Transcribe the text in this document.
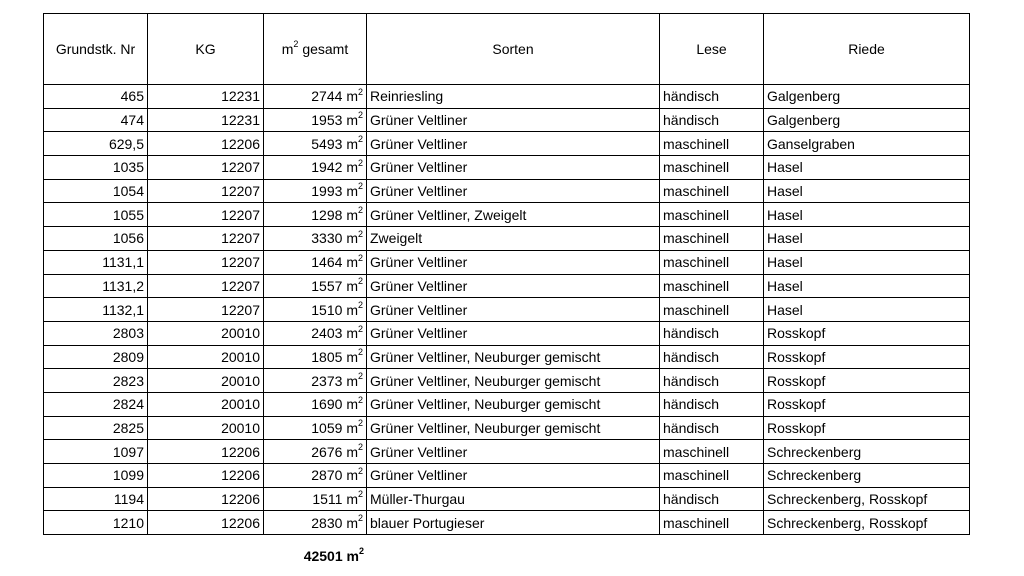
Grundstk. Nr	KG	$m^2$ gesamt	Sorten	Lese	Riede
465	12231	2744 $m^2$	Reinriesling	händisch	Galgenberg
474	12231	1953 $m^2$	Grüner Veltliner	händisch	Galgenberg
629,5	12206	5493 $m^2$	Grüner Veltliner	maschinell	Ganselgraben
1035	12207	1942 $m^2$	Grüner Veltliner	maschinell	Hasel
1054	12207	1993 $m^2$	Grüner Veltliner	maschinell	Hasel
1055	12207	1298 $m^2$	Grüner Veltliner, Zweigelt	maschinell	Hasel
1056	12207	3330 $m^2$	Zweigelt	maschinell	Hasel
1131,1	12207	1464 $m^2$	Grüner Veltliner	maschinell	Hasel
1131,2	12207	1557 $m^2$	Grüner Veltliner	maschinell	Hasel
1132,1	12207	1510 $m^2$	Grüner Veltliner	maschinell	Hasel
2803	20010	2403 $m^2$	Grüner Veltliner	händisch	Rosskopf
2809	20010	1805 $m^2$	Grüner Veltliner, Neuburger gemischt	händisch	Rosskopf
2823	20010	2373 $m^2$	Grüner Veltliner, Neuburger gemischt	händisch	Rosskopf
2824	20010	1690 $m^2$	Grüner Veltliner, Neuburger gemischt	händisch	Rosskopf
2825	20010	1059 $m^2$	Grüner Veltliner, Neuburger gemischt	händisch	Rosskopf
1097	12206	2676 $m^2$	Grüner Veltliner	maschinell	Schreckenberg
1099	12206	2870 $m^2$	Grüner Veltliner	maschinell	Schreckenberg
1194	12206	1511 $m^2$	Müller-Thurgau	händisch	Schreckenberg, Rosskopf
1210	12206	2830 $m^2$	blauer Portugieser	maschinell	Schreckenberg, Rosskopf
42501 $m^2$
